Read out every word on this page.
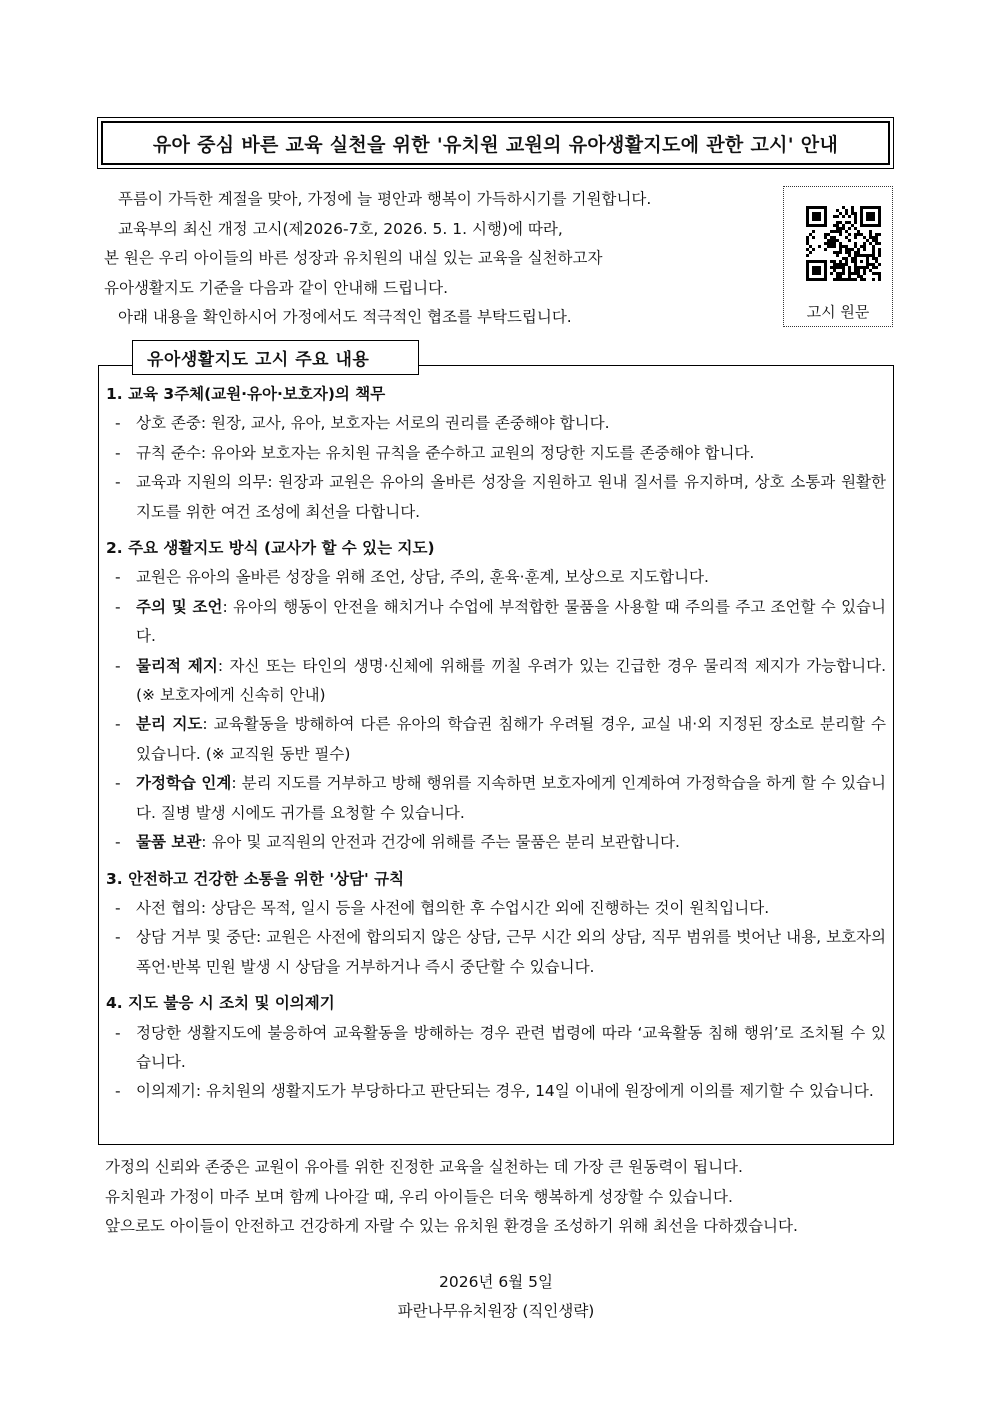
유아 중심 바른 교육 실천을 위한 '유치원 교원의 유아생활지도에 관한 고시' 안내
푸름이 가득한 계절을 맞아, 가정에 늘 평안과 행복이 가득하시기를 기원합니다.
교육부의 최신 개정 고시(제2026-7호, 2026. 5. 1. 시행)에 따라,
본 원은 우리 아이들의 바른 성장과 유치원의 내실 있는 교육을 실천하고자
유아생활지도 기준을 다음과 같이 안내해 드립니다.
아래 내용을 확인하시어 가정에서도 적극적인 협조를 부탁드립니다.	고시 원문
유아생활지도 고시 주요 내용
1. 교육 3주체(교원·유아·보호자)의 책무
- 상호 존중: 원장, 교사, 유아, 보호자는 서로의 권리를 존중해야 합니다.
- 규칙 준수: 유아와 보호자는 유치원 규칙을 준수하고 교원의 정당한 지도를 존중해야 합니다.
- 교육과 지원의 의무: 원장과 교원은 유아의 올바른 성장을 지원하고 원내 질서를 유지하며, 상호 소통과 원활한 지도를 위한 여건 조성에 최선을 다합니다.
2. 주요 생활지도 방식 (교사가 할 수 있는 지도)
- 교원은 유아의 올바른 성장을 위해 조언, 상담, 주의, 훈육·훈계, 보상으로 지도합니다.
- 주의 및 조언: 유아의 행동이 안전을 해치거나 수업에 부적합한 물품을 사용할 때 주의를 주고 조언할 수 있습니다.
- 물리적 제지: 자신 또는 타인의 생명·신체에 위해를 끼칠 우려가 있는 긴급한 경우 물리적 제지가 가능합니다. (※ 보호자에게 신속히 안내)
- 분리 지도: 교육활동을 방해하여 다른 유아의 학습권 침해가 우려될 경우, 교실 내·외 지정된 장소로 분리할 수 있습니다. (※ 교직원 동반 필수)
- 가정학습 인계: 분리 지도를 거부하고 방해 행위를 지속하면 보호자에게 인계하여 가정학습을 하게 할 수 있습니다. 질병 발생 시에도 귀가를 요청할 수 있습니다.
- 물품 보관: 유아 및 교직원의 안전과 건강에 위해를 주는 물품은 분리 보관합니다.
3. 안전하고 건강한 소통을 위한 '상담' 규칙
- 사전 협의: 상담은 목적, 일시 등을 사전에 협의한 후 수업시간 외에 진행하는 것이 원칙입니다.
- 상담 거부 및 중단: 교원은 사전에 합의되지 않은 상담, 근무 시간 외의 상담, 직무 범위를 벗어난 내용, 보호자의 폭언·반복 민원 발생 시 상담을 거부하거나 즉시 중단할 수 있습니다.
4. 지도 불응 시 조치 및 이의제기
- 정당한 생활지도에 불응하여 교육활동을 방해하는 경우 관련 법령에 따라 ‘교육활동 침해 행위’로 조치될 수 있습니다.
- 이의제기: 유치원의 생활지도가 부당하다고 판단되는 경우, 14일 이내에 원장에게 이의를 제기할 수 있습니다.
가정의 신뢰와 존중은 교원이 유아를 위한 진정한 교육을 실천하는 데 가장 큰 원동력이 됩니다.
유치원과 가정이 마주 보며 함께 나아갈 때, 우리 아이들은 더욱 행복하게 성장할 수 있습니다.
앞으로도 아이들이 안전하고 건강하게 자랄 수 있는 유치원 환경을 조성하기 위해 최선을 다하겠습니다.
2026년 6월 5일
파란나무유치원장 (직인생략)
